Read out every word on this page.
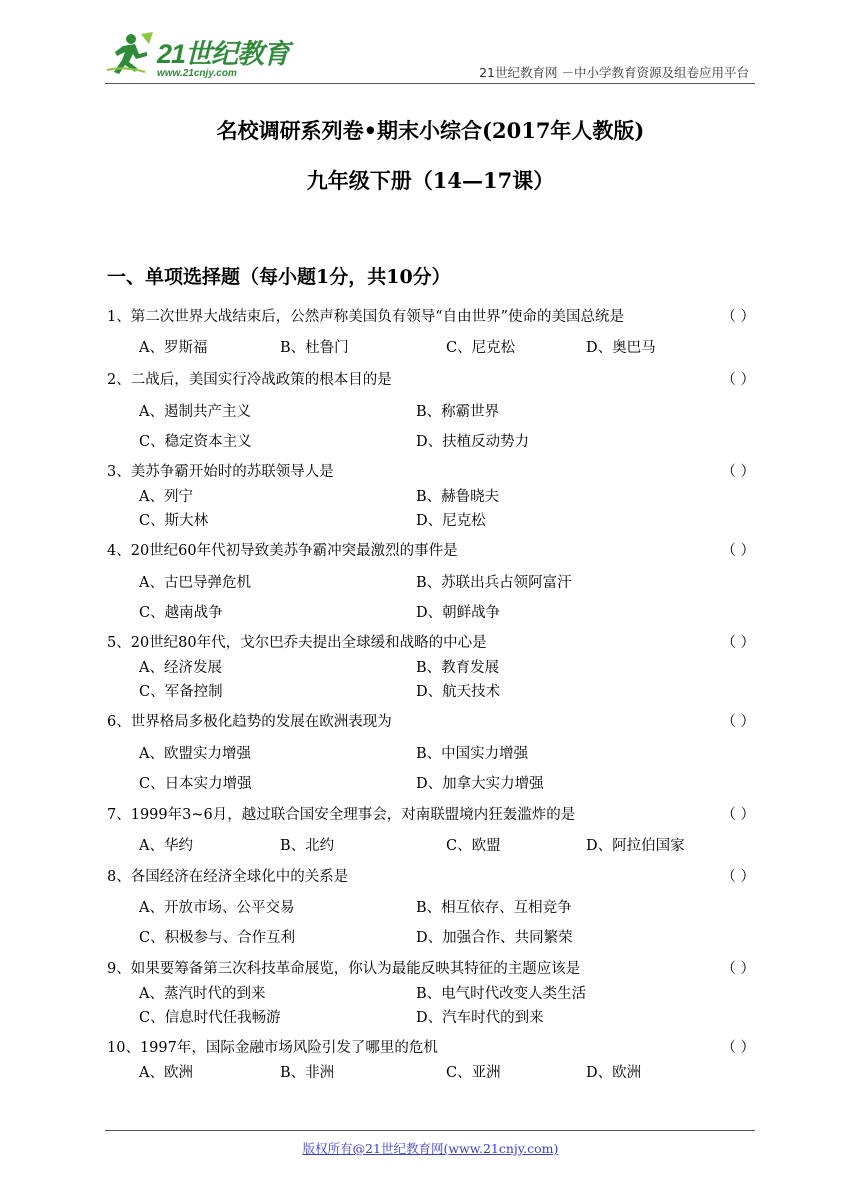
21世纪教育
www.21cnjy.com	21世纪教育网 －中小学教育资源及组卷应用平台
名校调研系列卷•期末小综合(2017年人教版)
九年级下册（14—17课）
一、单项选择题（每小题1分，共10分）
1、第二次世界大战结束后，公然声称美国负有领导“自由世界”使命的美国总统是	（ ）
A、罗斯福	B、杜鲁门	C、尼克松	D、奥巴马
2、二战后，美国实行冷战政策的根本目的是	（ ）
A、遏制共产主义	B、称霸世界
C、稳定资本主义	D、扶植反动势力
3、美苏争霸开始时的苏联领导人是	（ ）
A、列宁	B、赫鲁晓夫
C、斯大林	D、尼克松
4、20世纪60年代初导致美苏争霸冲突最激烈的事件是	（ ）
A、古巴导弹危机	B、苏联出兵占领阿富汗
C、越南战争	D、朝鲜战争
5、20世纪80年代，戈尔巴乔夫提出全球缓和战略的中心是	（ ）
A、经济发展	B、教育发展
C、军备控制	D、航天技术
6、世界格局多极化趋势的发展在欧洲表现为	（ ）
A、欧盟实力增强	B、中国实力增强
C、日本实力增强	D、加拿大实力增强
7、1999年3~6月，越过联合国安全理事会，对南联盟境内狂轰滥炸的是	（ ）
A、华约	B、北约	C、欧盟	D、阿拉伯国家
8、各国经济在经济全球化中的关系是	（ ）
A、开放市场、公平交易	B、相互依存、互相竞争
C、积极参与、合作互利	D、加强合作、共同繁荣
9、如果要筹备第三次科技革命展览，你认为最能反映其特征的主题应该是	（ ）
A、蒸汽时代的到来	B、电气时代改变人类生活
C、信息时代任我畅游	D、汽车时代的到来
10、1997年，国际金融市场风险引发了哪里的危机	（ ）
A、欧洲	B、非洲	C、亚洲	D、欧洲
版权所有@21世纪教育网(www.21cnjy.com)
